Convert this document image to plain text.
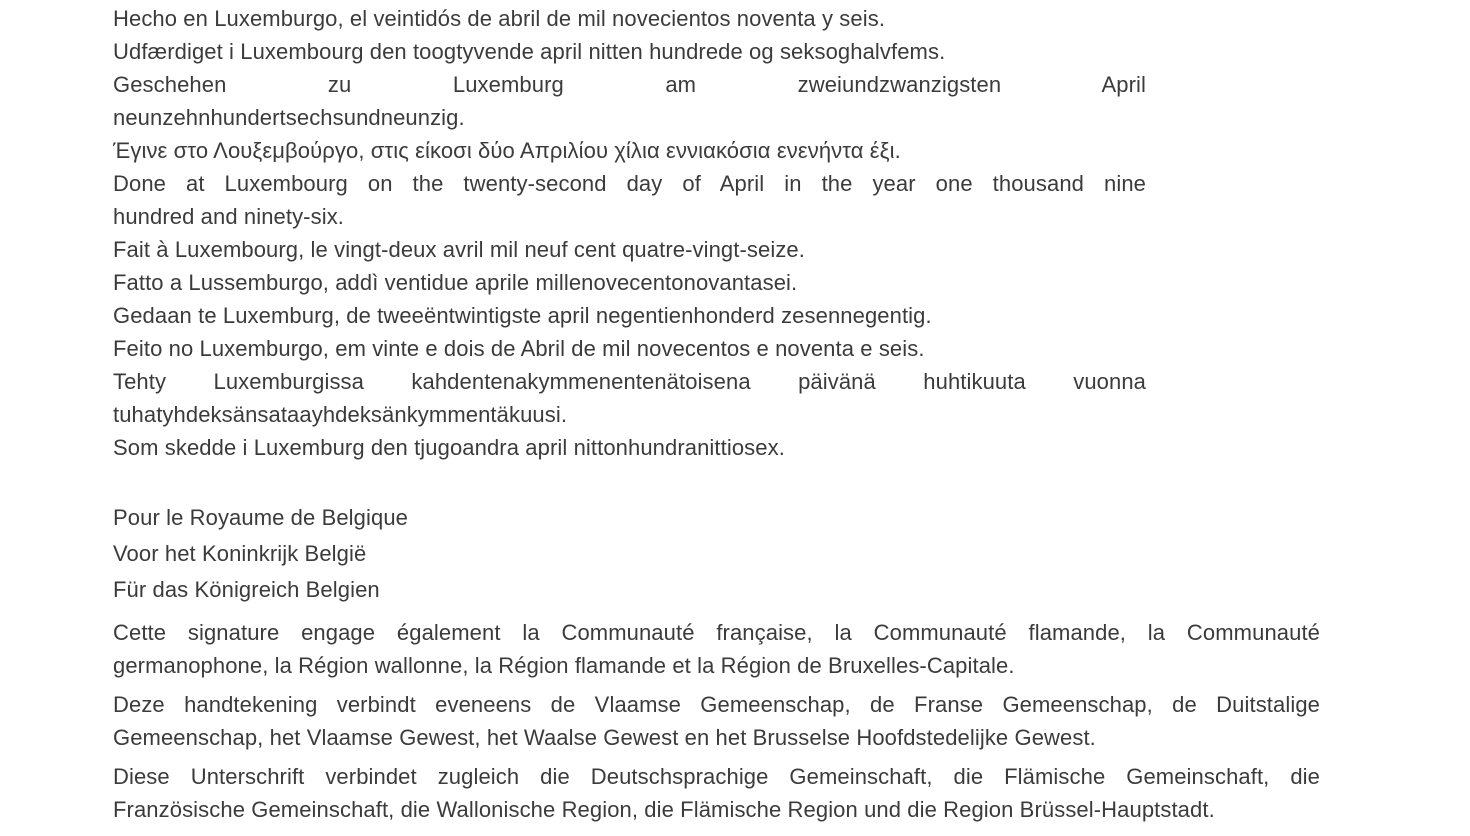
Hecho en Luxemburgo, el veintidós de abril de mil novecientos noventa y seis.
Udfærdiget i Luxembourg den toogtyvende april nitten hundrede og seksoghalvfems.
Geschehen zu Luxemburg am zweiundzwanzigsten April
neunzehnhundertsechsundneunzig.
Έγινε στο Λουξεμβούργο, στις είκοσι δύο Απριλίου χίλια εννιακόσια ενενήντα έξι.
Done at Luxembourg on the twenty-second day of April in the year one thousand nine
hundred and ninety-six.
Fait à Luxembourg, le vingt-deux avril mil neuf cent quatre-vingt-seize.
Fatto a Lussemburgo, addì ventidue aprile millenovecentonovantasei.
Gedaan te Luxemburg, de tweeëntwintigste april negentienhonderd zesennegentig.
Feito no Luxemburgo, em vinte e dois de Abril de mil novecentos e noventa e seis.
Tehty Luxemburgissa kahdentenakymmenentenätoisena päivänä huhtikuuta vuonna
tuhatyhdeksänsataayhdeksänkymmentäkuusi.
Som skedde i Luxemburg den tjugoandra april nittonhundranittiosex.
Pour le Royaume de Belgique
Voor het Koninkrijk België
Für das Königreich Belgien
Cette signature engage également la Communauté française, la Communauté flamande, la Communauté
germanophone, la Région wallonne, la Région flamande et la Région de Bruxelles-Capitale.
Deze handtekening verbindt eveneens de Vlaamse Gemeenschap, de Franse Gemeenschap, de Duitstalige
Gemeenschap, het Vlaamse Gewest, het Waalse Gewest en het Brusselse Hoofdstedelijke Gewest.
Diese Unterschrift verbindet zugleich die Deutschsprachige Gemeinschaft, die Flämische Gemeinschaft, die
Französische Gemeinschaft, die Wallonische Region, die Flämische Region und die Region Brüssel-Hauptstadt.
